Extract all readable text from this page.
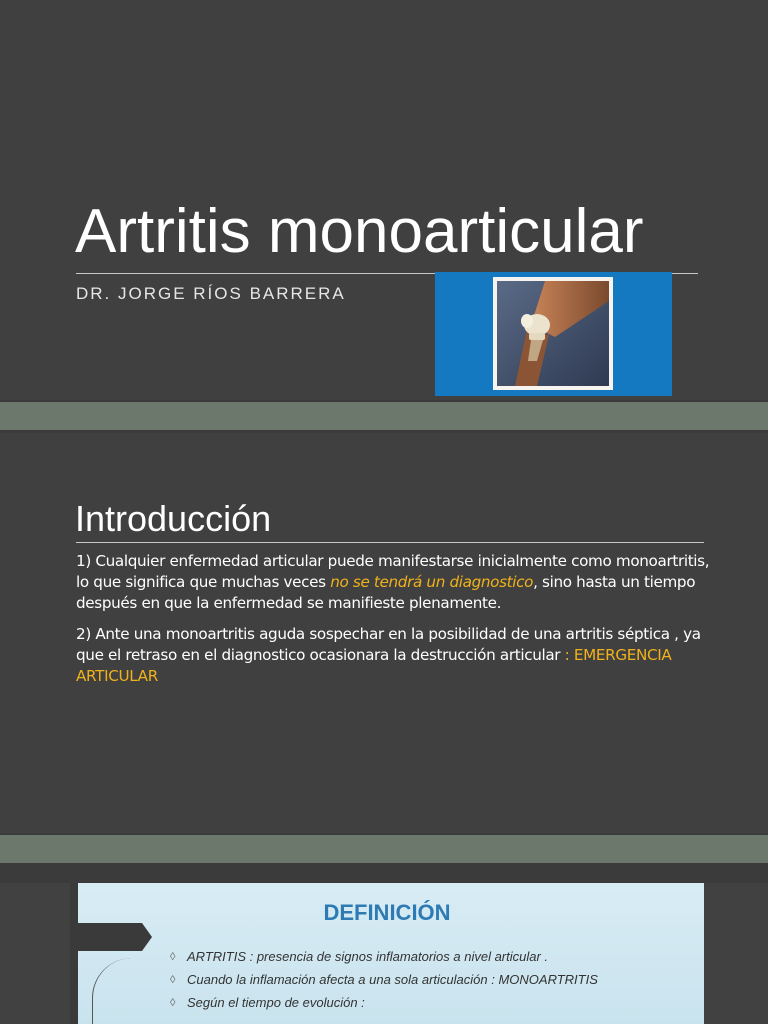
Artritis monoarticular
DR. JORGE RÍOS BARRERA
Introducción

1) Cualquier enfermedad articular puede manifestarse inicialmente como monoartritis, lo que significa que muchas veces no se tendrá un diagnostico, sino hasta un tiempo después en que la enfermedad se manifieste plenamente.

2) Ante una monoartritis aguda sospechar en la posibilidad de una artritis séptica , ya que el retraso en el diagnostico ocasionara la destrucción articular : EMERGENCIA ARTICULAR

DEFINICIÓN
◊ ARTRITIS : presencia de signos inflamatorios a nivel articular .
◊ Cuando la inflamación afecta a una sola articulación : MONOARTRITIS
◊ Según el tiempo de evolución :
